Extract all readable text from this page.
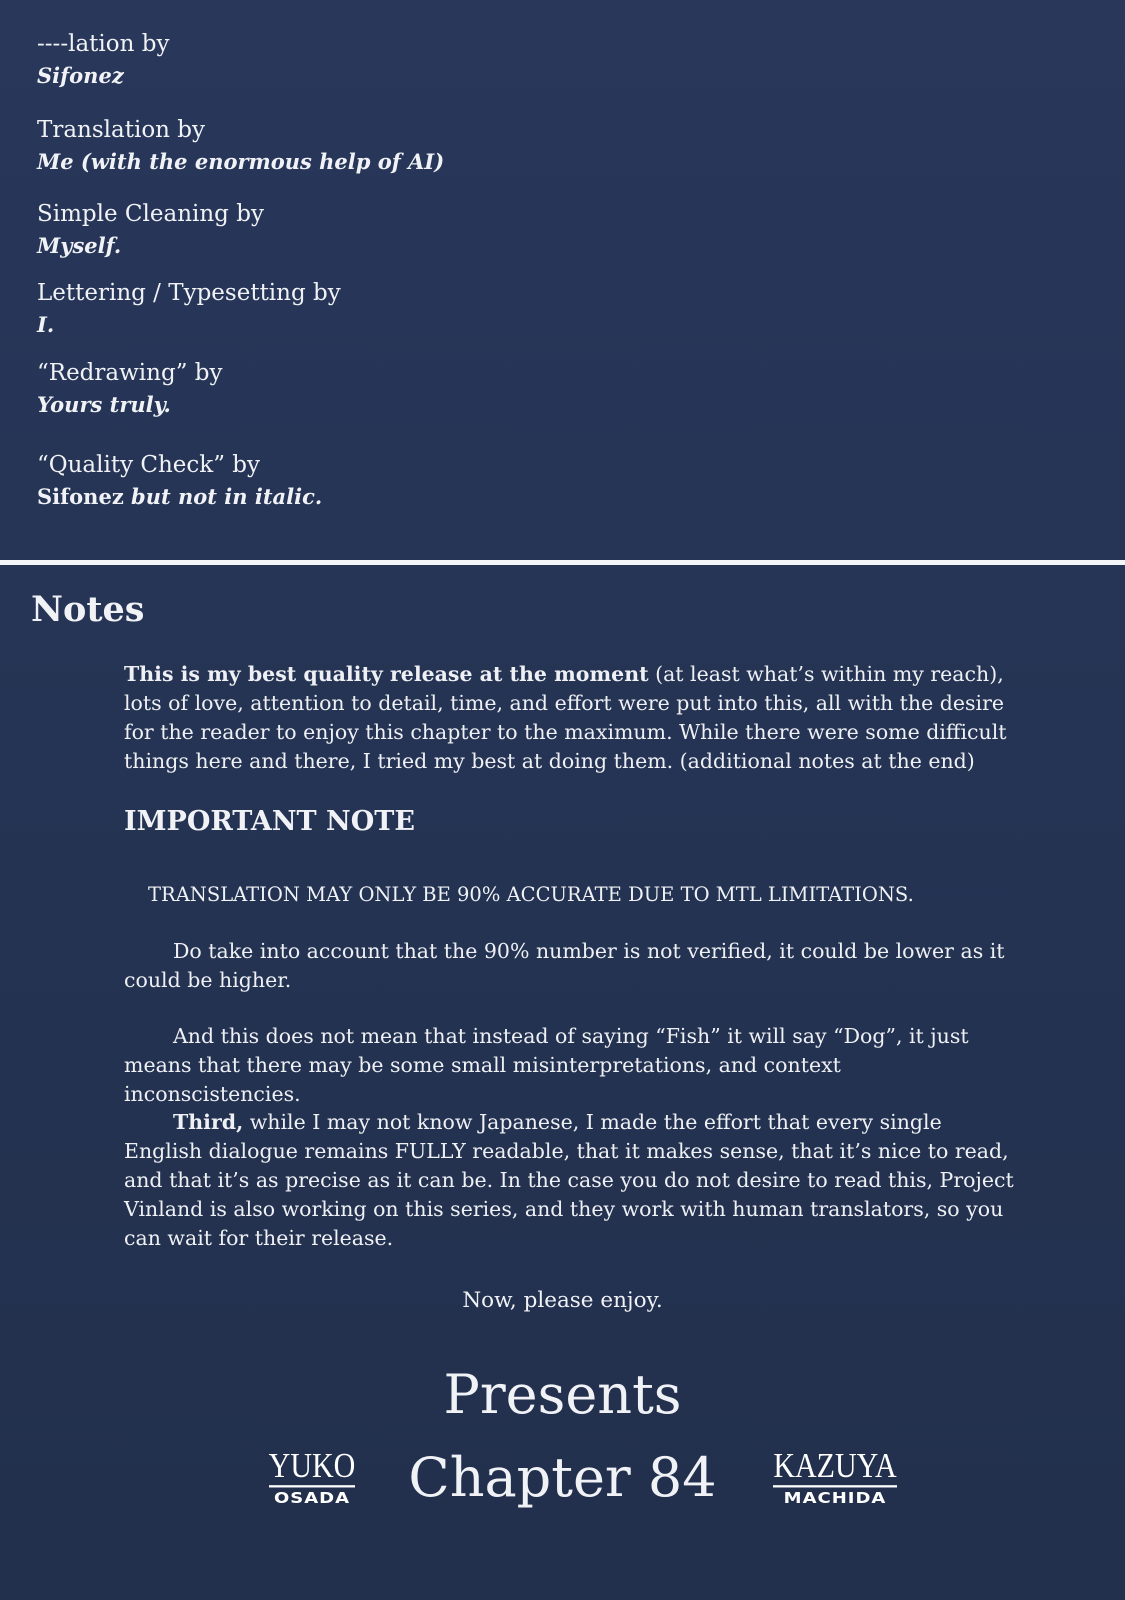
----lation by
Sifonez
Translation by
Me (with the enormous help of AI)
Simple Cleaning by
Myself.
Lettering / Typesetting by
I.
“Redrawing” by
Yours truly.
“Quality Check” by
Sifonez but not in italic.
Notes
This is my best quality release at the moment (at least what’s within my reach), lots of love, attention to detail, time, and effort were put into this, all with the desire for the reader to enjoy this chapter to the maximum. While there were some difficult things here and there, I tried my best at doing them. (additional notes at the end)
IMPORTANT NOTE
TRANSLATION MAY ONLY BE 90% ACCURATE DUE TO MTL LIMITATIONS.
Do take into account that the 90% number is not verified, it could be lower as it could be higher.
And this does not mean that instead of saying “Fish” it will say “Dog”, it just means that there may be some small misinterpretations, and context inconscistencies.
Third, while I may not know Japanese, I made the effort that every single English dialogue remains FULLY readable, that it makes sense, that it’s nice to read, and that it’s as precise as it can be. In the case you do not desire to read this, Project Vinland is also working on this series, and they work with human translators, so you can wait for their release.
Now, please enjoy.
Presents
Chapter 84
YUKO
OSADA
KAZUYA
MACHIDA
